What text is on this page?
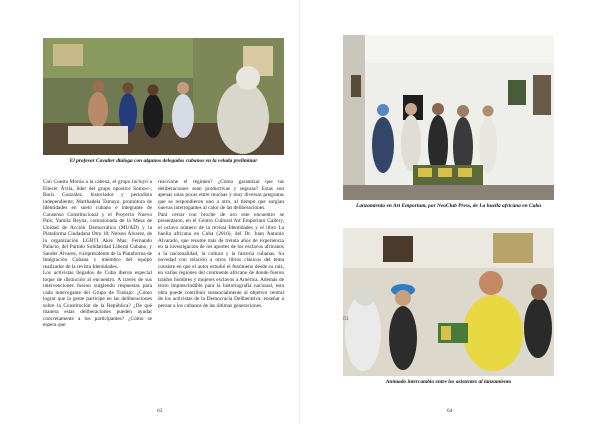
El profesor Cavalier dialoga con algunos delegados cubanos en la velada preliminar

Con Cuesta Morúa a la cabeza, el grupo incluyó a Eliecer Ávila, líder del grupo opositor Somos+; Boris González, historiador y periodista independiente; Marthadela Tamayo, promotora de Identidades en suelo cubano e integrante de Consenso Constitucional y el Proyecto Nuevo País; Yamila Reyna, comisionada de la Mesa de Unidad de Acción Democrática (MUAD) y la Plataforma Ciudadana Otro 18; Nelson Álvarez, de la organización LGBTI Akre Mas; Fernando Palacio, del Partido Solidaridad Liberal Cubano, y Sander Álvarez, vicepresidente de la Plataforma de Integración Cubana y miembro del equipo realizador de la revista Identidades.

Los activistas llegados de Cuba dieron especial toque de distinción al encuentro. A través de sus intervenciones fueron surgiendo respuestas para cada interrogante del Grupo de Trabajo: ¿Cómo lograr que la gente participe en las deliberaciones sobre la Constitución de la República? ¿De qué manera estas deliberaciones pueden ayudar concretamente a los participantes? ¿Cómo se espera que

reaccione el régimen? ¿Cómo garantizar que las deliberaciones sean productivas y seguras? Estas son apenas unas pocas entre muchas y muy diversas preguntas que se respondieron uno a otro, al tiempo que surgían nuevas interrogantes al calor de las deliberaciones.

Para cerrar con broche de oro este encuentro se presentaron, en el Centro Cultural Art Emporium Gallery, el octavo número de la revista Identidades y el libro La huella africana en Cuba (2016), del Dr. Juan Antonio Alvarado, que resume más de treinta años de experiencia en la investigación de los aportes de los esclavos africanos a la nacionalidad, la cultura y la historia cubanas. Su novedad con relación a otros libros clásicos del tema consiste en que el autor estudió el fenómeno desde su raíz, en varias regiones del continente africano de donde fueron traídos hombres y mujeres esclavos a América. Además de texto imprescindible para la historiografía nacional, esta obra puede contribuir sustancialmente al objetivo central de los activistas de la Democracia Deliberativa: enseñar a pensar a los cubanos de las últimas generaciones.

63
Lanzamiento en Art Emporium, por NeoClub Press, de La huella africana en Cuba
63
Animado intercambio entre los asistentes al lanzamiento
64
